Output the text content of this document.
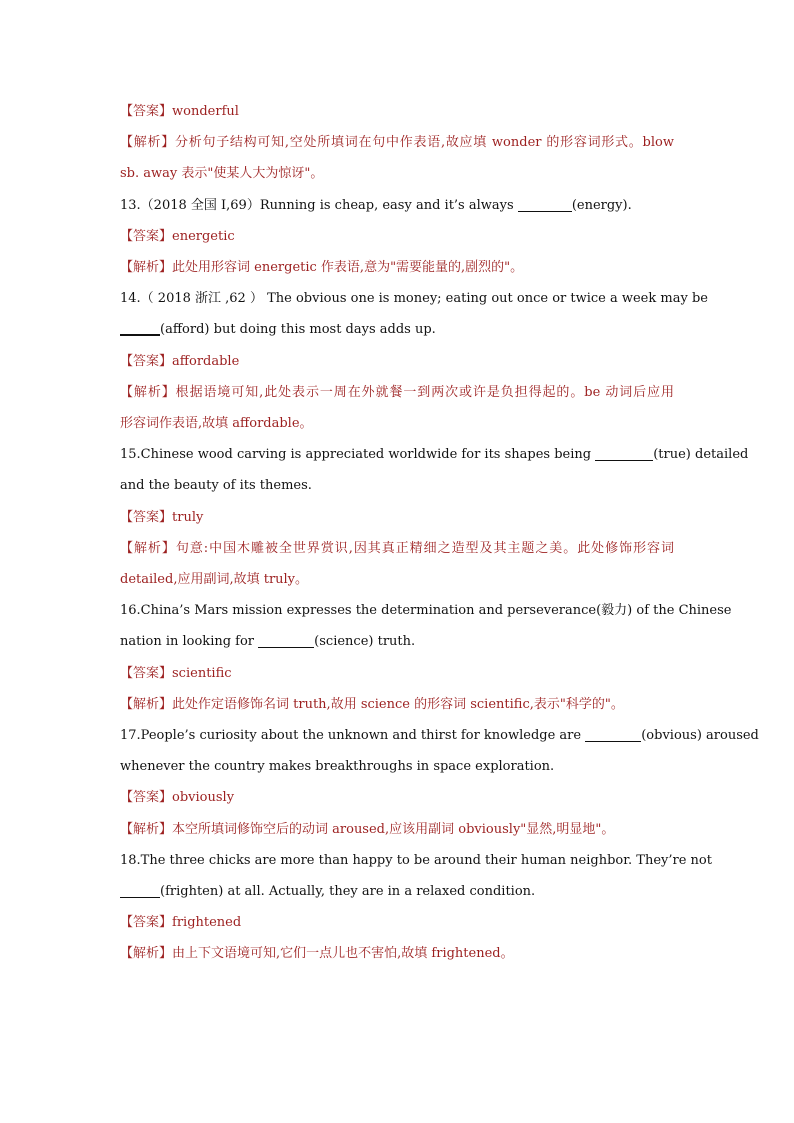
【答案】wonderful
【解析】分析句子结构可知,空处所填词在句中作表语,故应填 wonder 的形容词形式。blow
sb. away 表示"使某人大为惊讶"。
13.（2018 全国 I,69）Running is cheap, easy and it’s always	(energy).
【答案】energetic
【解析】此处用形容词 energetic 作表语,意为"需要能量的,剧烈的"。
14.（ 2018 浙江 ,62 ） The obvious one is money; eating out once or twice a week may be
(afford) but doing this most days adds up.
【答案】affordable
【解析】根据语境可知,此处表示一周在外就餐一到两次或许是负担得起的。be 动词后应用
形容词作表语,故填 affordable。
15.Chinese wood carving is appreciated worldwide for its shapes being	(true) detailed
and the beauty of its themes.
【答案】truly
【解析】句意:中国木雕被全世界赏识,因其真正精细之造型及其主题之美。此处修饰形容词
detailed,应用副词,故填 truly。
16.China’s Mars mission expresses the determination and perseverance(毅力) of the Chinese
nation in looking for	(science) truth.
【答案】scientific
【解析】此处作定语修饰名词 truth,故用 science 的形容词 scientific,表示"科学的"。
17.People’s curiosity about the unknown and thirst for knowledge are	(obvious) aroused
whenever the country makes breakthroughs in space exploration.
【答案】obviously
【解析】本空所填词修饰空后的动词 aroused,应该用副词 obviously"显然,明显地"。
18.The three chicks are more than happy to be around their human neighbor. They’re not
(frighten) at all. Actually, they are in a relaxed condition.
【答案】frightened
【解析】由上下文语境可知,它们一点儿也不害怕,故填 frightened。
